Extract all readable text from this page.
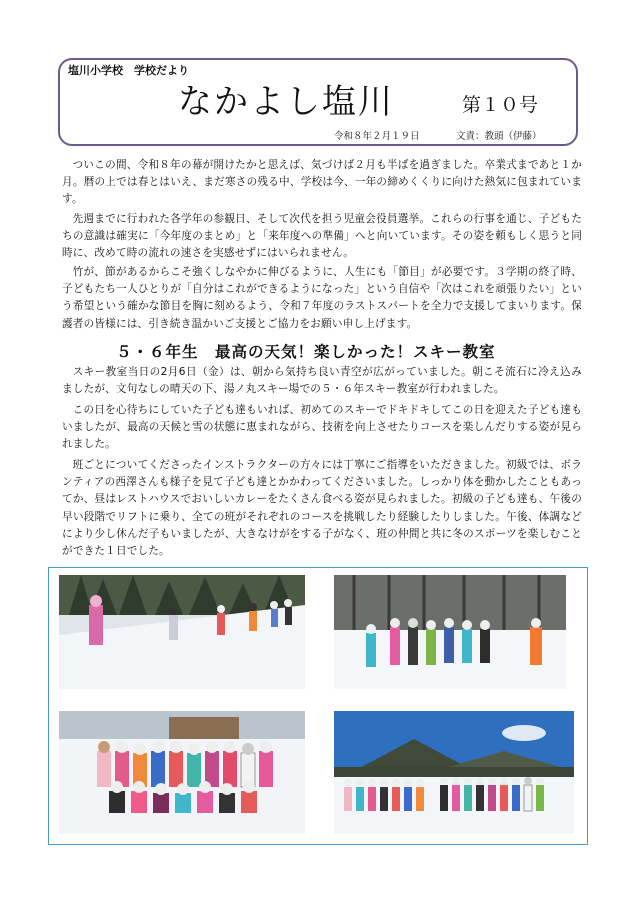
塩川小学校　学校だより
なかよし塩川	第１０号
令和８年２月１９日	文責：教頭（伊藤）

ついこの間、令和８年の幕が開けたかと思えば、気づけば２月も半ばを過ぎました。卒業式まであと１か月。暦の上では春とはいえ、まだ寒さの残る中、学校は今、一年の締めくくりに向けた熱気に包まれています。

先週までに行われた各学年の参観日、そして次代を担う児童会役員選挙。これらの行事を通じ、子どもたちの意識は確実に「今年度のまとめ」と「来年度への準備」へと向いています。その姿を頼もしく思うと同時に、改めて時の流れの速さを実感せずにはいられません。

竹が、節があるからこそ強くしなやかに伸びるように、人生にも「節目」が必要です。３学期の終了時、子どもたち一人ひとりが「自分はこれができるようになった」という自信や「次はこれを頑張りたい」という希望という確かな節目を胸に刻めるよう、令和７年度のラストスパートを全力で支援してまいります。保護者の皆様には、引き続き温かいご支援とご協力をお願い申し上げます。

５・６年生　最高の天気！楽しかった！スキー教室

スキー教室当日の2月6日（金）は、朝から気持ち良い青空が広がっていました。朝こそ流石に冷え込みましたが、文句なしの晴天の下、湯ノ丸スキー場での５・６年スキー教室が行われました。

この日を心待ちにしていた子ども達もいれば、初めてのスキーでドキドキしてこの日を迎えた子ども達もいましたが、最高の天候と雪の状態に恵まれながら、技術を向上させたりコースを楽しんだりする姿が見られました。

班ごとについてくださったインストラクターの方々には丁寧にご指導をいただきました。初級では、ボランティアの西澤さんも様子を見て子ども達とかかわってくださいました。しっかり体を動かしたこともあってか、昼はレストハウスでおいしいカレーをたくさん食べる姿が見られました。初級の子ども達も、午後の早い段階でリフトに乗り、全ての班がそれぞれのコースを挑戦したり経験したりしました。午後、体調などにより少し休んだ子もいましたが、大きなけがをする子がなく、班の仲間と共に冬のスポーツを楽しむことができた１日でした。
